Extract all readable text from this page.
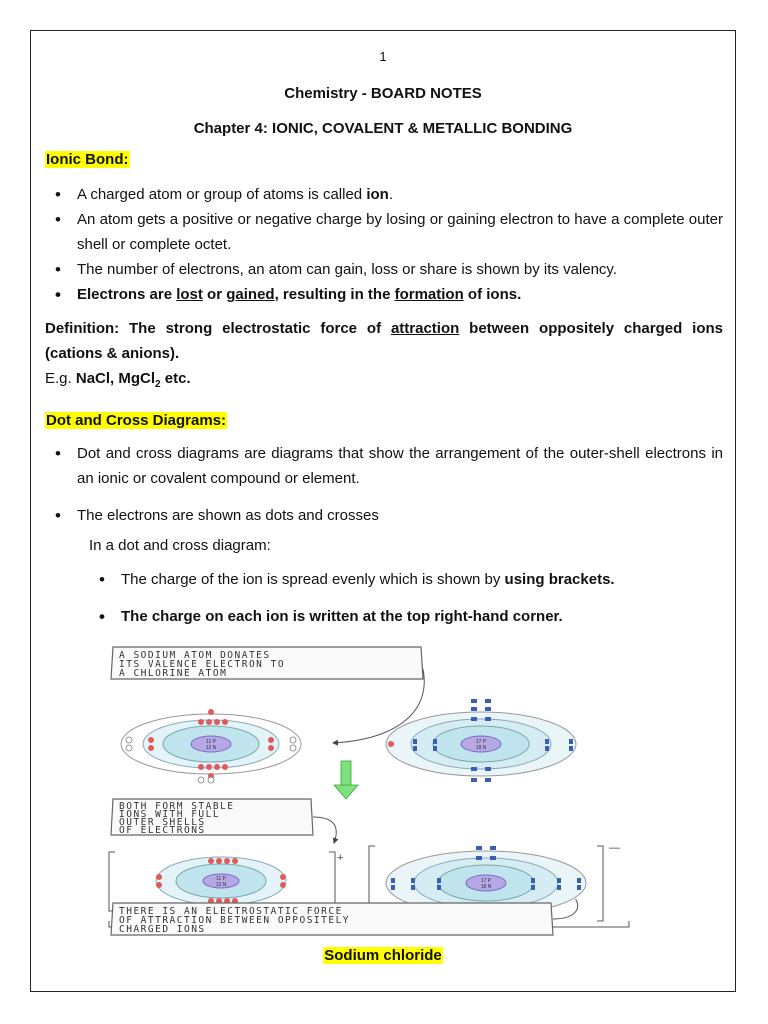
1
Chemistry - BOARD NOTES
Chapter 4: IONIC, COVALENT & METALLIC BONDING
Ionic Bond:
• A charged atom or group of atoms is called ion.
• An atom gets a positive or negative charge by losing or gaining electron to have a complete outer shell or complete octet.
• The number of electrons, an atom can gain, loss or share is shown by its valency.
• Electrons are lost or gained, resulting in the formation of ions.
Definition: The strong electrostatic force of attraction between oppositely charged ions (cations & anions).
E.g. NaCl, MgCl$_2$ etc.
Dot and Cross Diagrams:
• Dot and cross diagrams are diagrams that show the arrangement of the outer-shell electrons in an ionic or covalent compound or element.
• The electrons are shown as dots and crosses
In a dot and cross diagram:
• The charge of the ion is spread evenly which is shown by using brackets.
• The charge on each ion is written at the top right-hand corner.
A SODIUM ATOM DONATES
ITS VALENCE ELECTRON TO
A CHLORINE ATOM
11 P
12 N
17 P
18 N
BOTH FORM STABLE
IONS WITH FULL
OUTER SHELLS
OF ELECTRONS
+
11 P
12 N
—
17 P
18 N
THERE IS AN ELECTROSTATIC FORCE
OF ATTRACTION BETWEEN OPPOSITELY
CHARGED IONS
Sodium chloride
